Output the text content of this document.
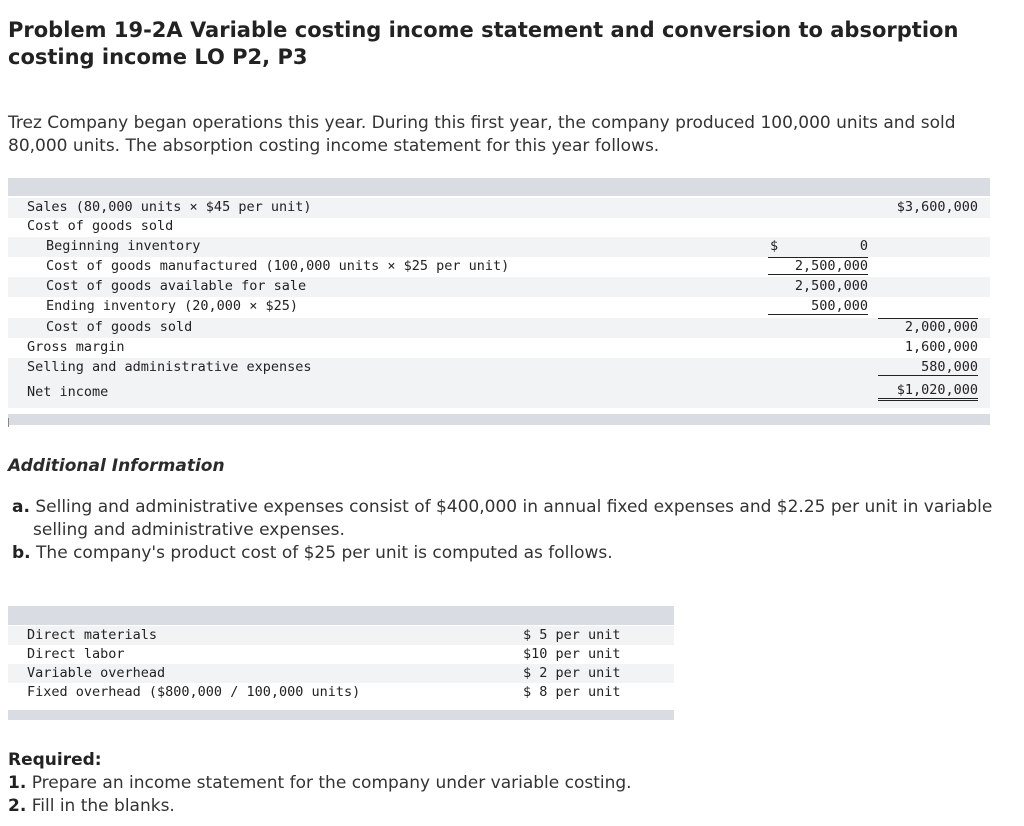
Problem 19-2A Variable costing income statement and conversion to absorption costing income LO P2, P3
Trez Company began operations this year. During this first year, the company produced 100,000 units and sold 80,000 units. The absorption costing income statement for this year follows.
Sales (80,000 units × $45 per unit)	$3,600,000
Cost of goods sold
Beginning inventory	$	0
Cost of goods manufactured (100,000 units × $25 per unit)	2,500,000
Cost of goods available for sale	2,500,000
Ending inventory (20,000 × $25)	500,000
Cost of goods sold	2,000,000
Gross margin	1,600,000
Selling and administrative expenses	580,000
Net income	$1,020,000
Additional Information
a. Selling and administrative expenses consist of $400,000 in annual fixed expenses and $2.25 per unit in variable selling and administrative expenses.
b. The company's product cost of $25 per unit is computed as follows.
Direct materials	$ 5 per unit
Direct labor	$10 per unit
Variable overhead	$ 2 per unit
Fixed overhead ($800,000 / 100,000 units)	$ 8 per unit
Required:
1. Prepare an income statement for the company under variable costing.
2. Fill in the blanks.
